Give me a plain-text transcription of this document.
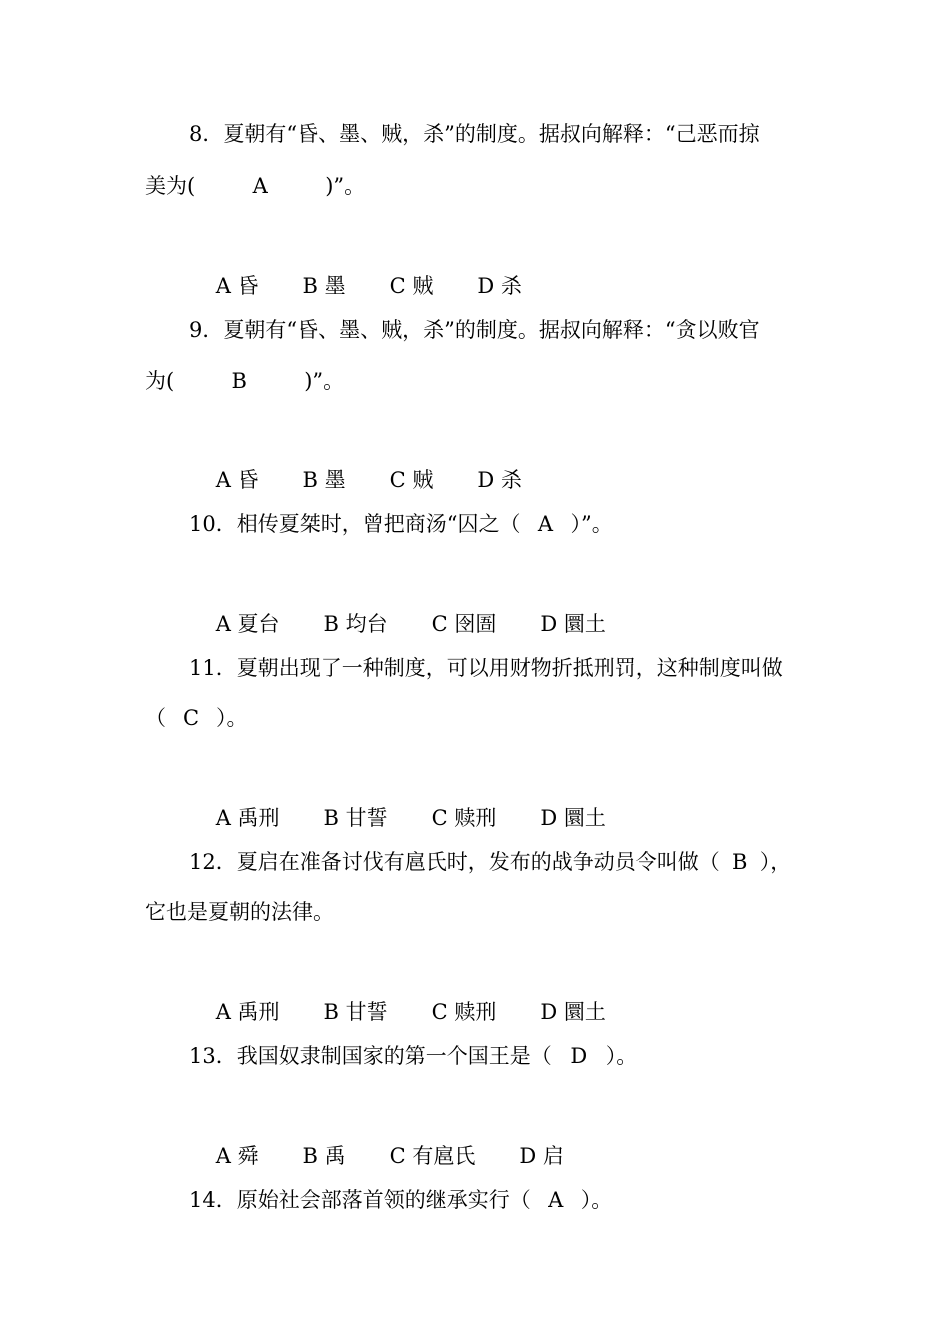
8．夏朝有“昏、墨、贼，杀”的制度。据叔向解释：“己恶而掠
美为(	A	)”。

A 昏 B 墨 C 贼 D 杀

9．夏朝有“昏、墨、贼，杀”的制度。据叔向解释：“贪以败官
为(	B	)”。

A 昏 B 墨 C 贼 D 杀

10．相传夏桀时，曾把商汤“囚之（ A ）”。

A 夏台 B 均台 C 囹圄 D 圜土

11．夏朝出现了一种制度，可以用财物折抵刑罚，这种制度叫做
（ C ）。

A 禹刑 B 甘誓 C 赎刑 D 圜土

12．夏启在准备讨伐有扈氏时，发布的战争动员令叫做（ B ），
它也是夏朝的法律。

A 禹刑 B 甘誓 C 赎刑 D 圜土

13．我国奴隶制国家的第一个国王是（ D ）。

A 舜 B 禹 C 有扈氏 D 启

14．原始社会部落首领的继承实行（ A ）。
